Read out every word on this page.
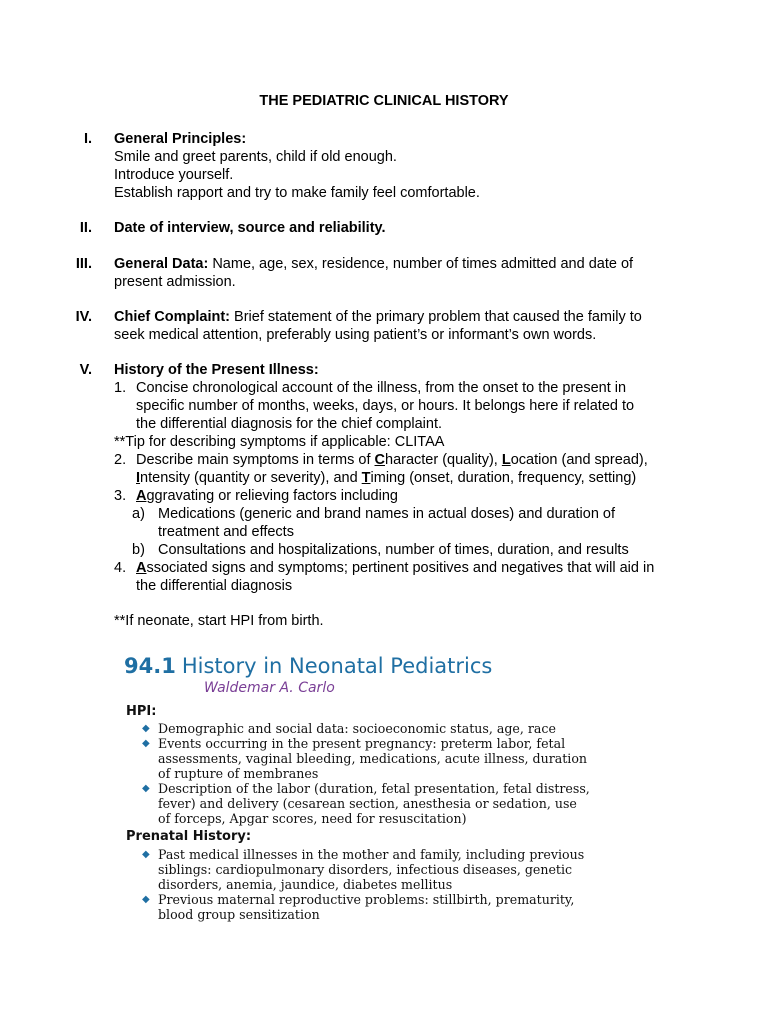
THE PEDIATRIC CLINICAL HISTORY
I. General Principles:
Smile and greet parents, child if old enough.
Introduce yourself.
Establish rapport and try to make family feel comfortable.
II. Date of interview, source and reliability.
III. General Data: Name, age, sex, residence, number of times admitted and date of
present admission.
IV. Chief Complaint: Brief statement of the primary problem that caused the family to
seek medical attention, preferably using patient’s or informant’s own words.
V. History of the Present Illness:
1. Concise chronological account of the illness, from the onset to the present in
specific number of months, weeks, days, or hours. It belongs here if related to
the differential diagnosis for the chief complaint.
**Tip for describing symptoms if applicable: CLITAA
2. Describe main symptoms in terms of Character (quality), Location (and spread),
Intensity (quantity or severity), and Timing (onset, duration, frequency, setting)
3. Aggravating or relieving factors including
a) Medications (generic and brand names in actual doses) and duration of
treatment and effects
b) Consultations and hospitalizations, number of times, duration, and results
4. Associated signs and symptoms; pertinent positives and negatives that will aid in
the differential diagnosis
**If neonate, start HPI from birth.
94.1 History in Neonatal Pediatrics
Waldemar A. Carlo
HPI:
◆ Demographic and social data: socioeconomic status, age, race
◆ Events occurring in the present pregnancy: preterm labor, fetal
assessments, vaginal bleeding, medications, acute illness, duration
of rupture of membranes
◆ Description of the labor (duration, fetal presentation, fetal distress,
fever) and delivery (cesarean section, anesthesia or sedation, use
of forceps, Apgar scores, need for resuscitation)
Prenatal History:
◆ Past medical illnesses in the mother and family, including previous
siblings: cardiopulmonary disorders, infectious diseases, genetic
disorders, anemia, jaundice, diabetes mellitus
◆ Previous maternal reproductive problems: stillbirth, prematurity,
blood group sensitization
